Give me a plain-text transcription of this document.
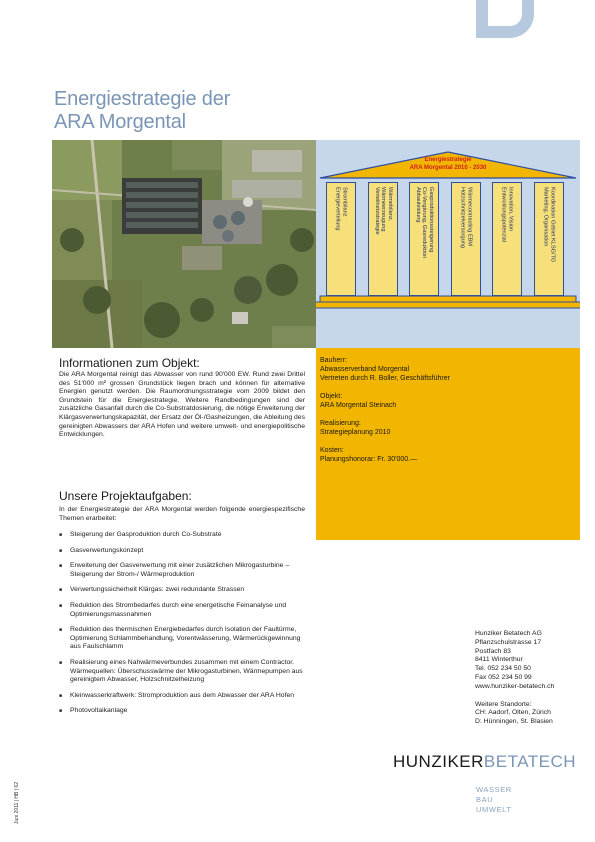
Energiestrategie der
ARA Morgental
Energiestrategie
ARA Morgental 2010 - 2030
Strombilanz
Energieverteilung	Wärmebilanz,
Wärmeerzeugung
Verteilnetzstrategie	Gasproduktionssteigerung
Co-Vergärung, Gasreduktion
Abbauleistung	Wärmecontracting EBM
Holzschnitzelversorgung	Innovation, Vision
Entwicklungspotenzial	Koordination Gebiet KLSG/TG
Marketing, Organisation
Bauherr:
Abwasserverband Morgental
Vertreten durch R. Boller, Geschäftsführer
Objekt:
ARA Morgental Steinach
Realisierung:
Strategieplanung 2010
Kosten:
Planungshonorar: Fr. 30'000.—
Informationen zum Objekt:
Die ARA Morgental reinigt das Abwasser von rund 90'000 EW. Rund zwei Drittel des 51'000 m² grossen Grundstück liegen brach und können für alternative Energien genutzt werden. Die Raumordnungsstrategie vom 2009 bildet den Grundstein für die Energiestrategie. Weitere Randbedingungen sind der zusätzliche Gasanfall durch die Co-Substratdosierung, die nötige Erweiterung der Klärgasverwertungskapazität, der Ersatz der Öl-/Gasheizungen, die Ableitung des gereinigten Abwassers der ARA Hofen und weitere umwelt- und energiepolitische Entwicklungen.
Unsere Projektaufgaben:
In der Energiestrategie der ARA Morgental werden folgende energiespezifische Themen erarbeitet:
■ Steigerung der Gasproduktion durch Co-Substrate
■ Gasverwertungskonzept
■ Erweiterung der Gasverwertung mit einer zusätzlichen Mikrogasturbine – Steigerung der Strom-/ Wärmeproduktion
■ Verwertungssicherheit Klärgas: zwei redundante Strassen
■ Reduktion des Strombedarfes durch eine energetische Feinanalyse und Optimierungsmassnahmen
■ Reduktion des thermischen Energiebedarfes durch Isolation der Faultürme, Optimierung Schlammbehandlung, Vorentwässerung, Wärmerückgewinnung aus Faulschlamm
■ Realisierung eines Nahwärmeverbundes zusammen mit einem Contractor. Wärmequellen: Überschusswärme der Mikrogasturbinen, Wärmepumpen aus gereinigtem Abwasser, Holzschnitzelheizung
■ Kleinwasserkraftwerk: Stromproduktion aus dem Abwasser der ARA Hofen
■ Photovoltaikanlage
Hunziker Betatech AG
Pflanzschulstrasse 17
Postfach 83
8411 Winterthur
Tel. 052 234 50 50
Fax 052 234 50 99
www.hunziker-betatech.ch
Weitere Standorte:
CH: Aadorf, Olten, Zürich
D: Hünningen, St. Blasien
HUNZIKERBETATECH
WASSER
BAU
UMWELT
Juni 2011 | HB | 62
